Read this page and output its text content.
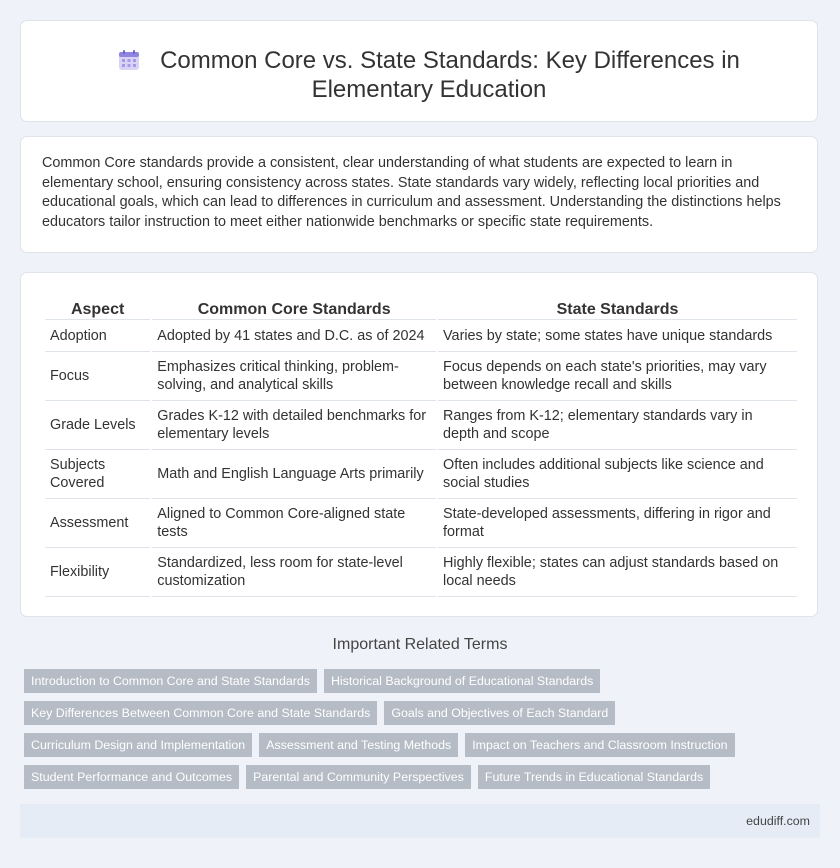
Common Core vs. State Standards: Key Differences in Elementary Education

Common Core standards provide a consistent, clear understanding of what students are expected to learn in elementary school, ensuring consistency across states. State standards vary widely, reflecting local priorities and educational goals, which can lead to differences in curriculum and assessment. Understanding the distinctions helps educators tailor instruction to meet either nationwide benchmarks or specific state requirements.

Aspect	Common Core Standards	State Standards
Adoption	Adopted by 41 states and D.C. as of 2024	Varies by state; some states have unique standards
Focus	Emphasizes critical thinking, problem-solving, and analytical skills	Focus depends on each state's priorities, may vary between knowledge recall and skills
Grade Levels	Grades K-12 with detailed benchmarks for elementary levels	Ranges from K-12; elementary standards vary in depth and scope
Subjects Covered	Math and English Language Arts primarily	Often includes additional subjects like science and social studies
Assessment	Aligned to Common Core-aligned state tests	State-developed assessments, differing in rigor and format
Flexibility	Standardized, less room for state-level customization	Highly flexible; states can adjust standards based on local needs
Important Related Terms
Introduction to Common Core and State Standards	Historical Background of Educational Standards
Key Differences Between Common Core and State Standards	Goals and Objectives of Each Standard
Curriculum Design and Implementation	Assessment and Testing Methods	Impact on Teachers and Classroom Instruction
Student Performance and Outcomes	Parental and Community Perspectives	Future Trends in Educational Standards
edudiff.com
